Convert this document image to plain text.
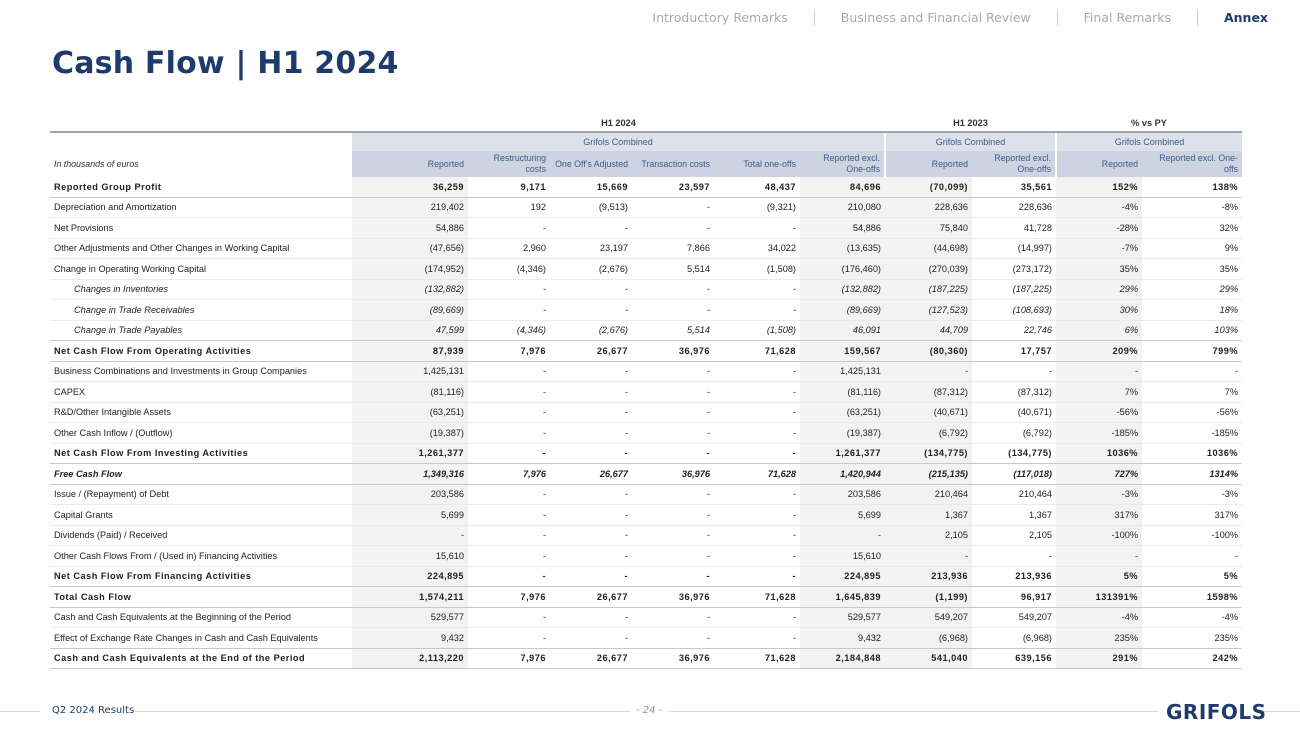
Introductory Remarks	Business and Financial Review	Final Remarks	Annex
Cash Flow | H1 2024
	H1 2024						H1 2023		% vs PY	
	Grifols Combined						Grifols Combined		Grifols Combined	
In thousands of euros	Reported	Restructuring costs	One Off's Adjusted	Transaction costs	Total one-offs	Reported excl. One-offs	Reported	Reported excl. One-offs	Reported	Reported excl. One-offs
Reported Group Profit	36,259	9,171	15,669	23,597	48,437	84,696	(70,099)	35,561	152%	138%
Depreciation and Amortization	219,402	192	(9,513)	-	(9,321)	210,080	228,636	228,636	-4%	-8%
Net Provisions	54,886	-	-	-	-	54,886	75,840	41,728	-28%	32%
Other Adjustments and Other Changes in Working Capital	(47,656)	2,960	23,197	7,866	34,022	(13,635)	(44,698)	(14,997)	-7%	9%
Change in Operating Working Capital	(174,952)	(4,346)	(2,676)	5,514	(1,508)	(176,460)	(270,039)	(273,172)	35%	35%
Changes in Inventories	(132,882)	-	-	-	-	(132,882)	(187,225)	(187,225)	29%	29%
Change in Trade Receivables	(89,669)	-	-	-	-	(89,669)	(127,523)	(108,693)	30%	18%
Change in Trade Payables	47,599	(4,346)	(2,676)	5,514	(1,508)	46,091	44,709	22,746	6%	103%
Net Cash Flow From Operating Activities	87,939	7,976	26,677	36,976	71,628	159,567	(80,360)	17,757	209%	799%
Business Combinations and Investments in Group Companies	1,425,131	-	-	-	-	1,425,131	-	-	-	-
CAPEX	(81,116)	-	-	-	-	(81,116)	(87,312)	(87,312)	7%	7%
R&D/Other Intangible Assets	(63,251)	-	-	-	-	(63,251)	(40,671)	(40,671)	-56%	-56%
Other Cash Inflow / (Outflow)	(19,387)	-	-	-	-	(19,387)	(6,792)	(6,792)	-185%	-185%
Net Cash Flow From Investing Activities	1,261,377	-	-	-	-	1,261,377	(134,775)	(134,775)	1036%	1036%
Free Cash Flow	1,349,316	7,976	26,677	36,976	71,628	1,420,944	(215,135)	(117,018)	727%	1314%
Issue / (Repayment) of Debt	203,586	-	-	-	-	203,586	210,464	210,464	-3%	-3%
Capital Grants	5,699	-	-	-	-	5,699	1,367	1,367	317%	317%
Dividends (Paid) / Received	-	-	-	-	-	-	2,105	2,105	-100%	-100%
Other Cash Flows From / (Used in) Financing Activities	15,610	-	-	-	-	15,610	-	-	-	-
Net Cash Flow From Financing Activities	224,895	-	-	-	-	224,895	213,936	213,936	5%	5%
Total Cash Flow	1,574,211	7,976	26,677	36,976	71,628	1,645,839	(1,199)	96,917	131391%	1598%
Cash and Cash Equivalents at the Beginning of the Period	529,577	-	-	-	-	529,577	549,207	549,207	-4%	-4%
Effect of Exchange Rate Changes in Cash and Cash Equivalents	9,432	-	-	-	-	9,432	(6,968)	(6,968)	235%	235%
Cash and Cash Equivalents at the End of the Period	2,113,220	7,976	26,677	36,976	71,628	2,184,848	541,040	639,156	291%	242%
Q2 2024 Results	- 24 -	GRIFOLS
